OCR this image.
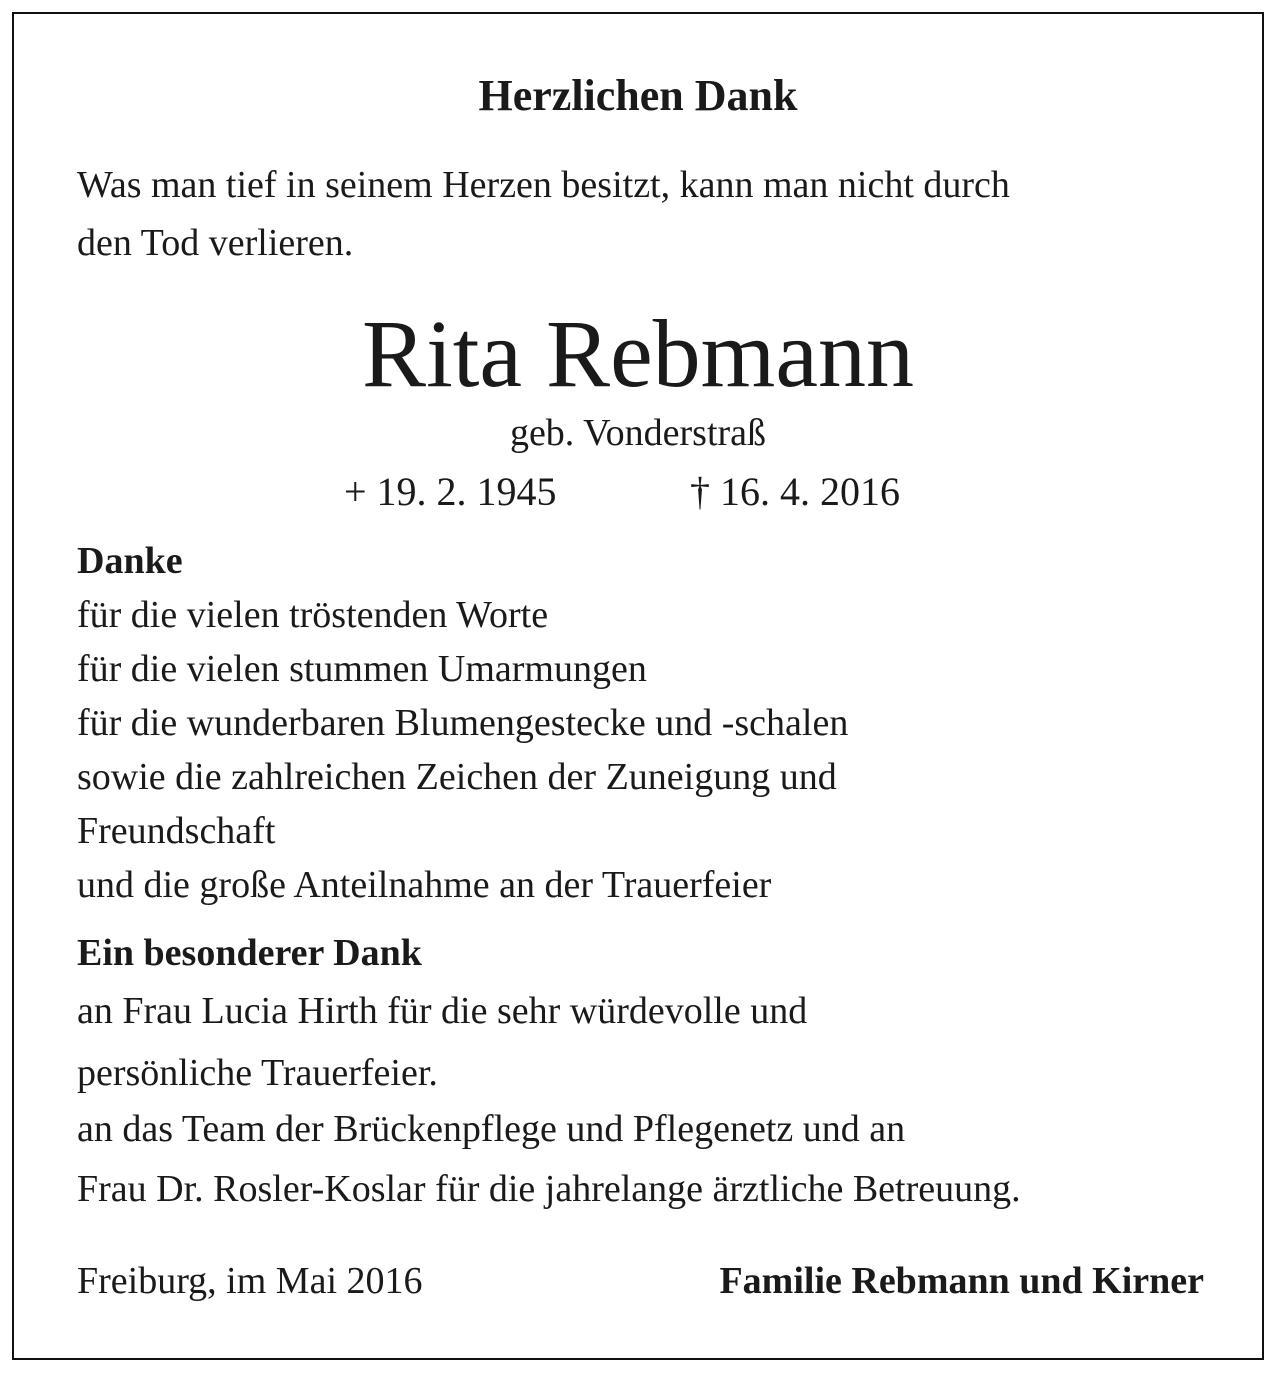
Herzlichen Dank

Was man tief in seinem Herzen besitzt, kann man nicht durch

den Tod verlieren.

Rita Rebmann

geb. Vonderstraß

+ 19. 2. 1945	† 16. 4. 2016

Danke

für die vielen tröstenden Worte

für die vielen stummen Umarmungen

für die wunderbaren Blumengestecke und -schalen

sowie die zahlreichen Zeichen der Zuneigung und

Freundschaft

und die große Anteilnahme an der Trauerfeier

Ein besonderer Dank

an Frau Lucia Hirth für die sehr würdevolle und

persönliche Trauerfeier.

an das Team der Brückenpflege und Pflegenetz und an

Frau Dr. Rosler-Koslar für die jahrelange ärztliche Betreuung.

Freiburg, im Mai 2016	Familie Rebmann und Kirner
